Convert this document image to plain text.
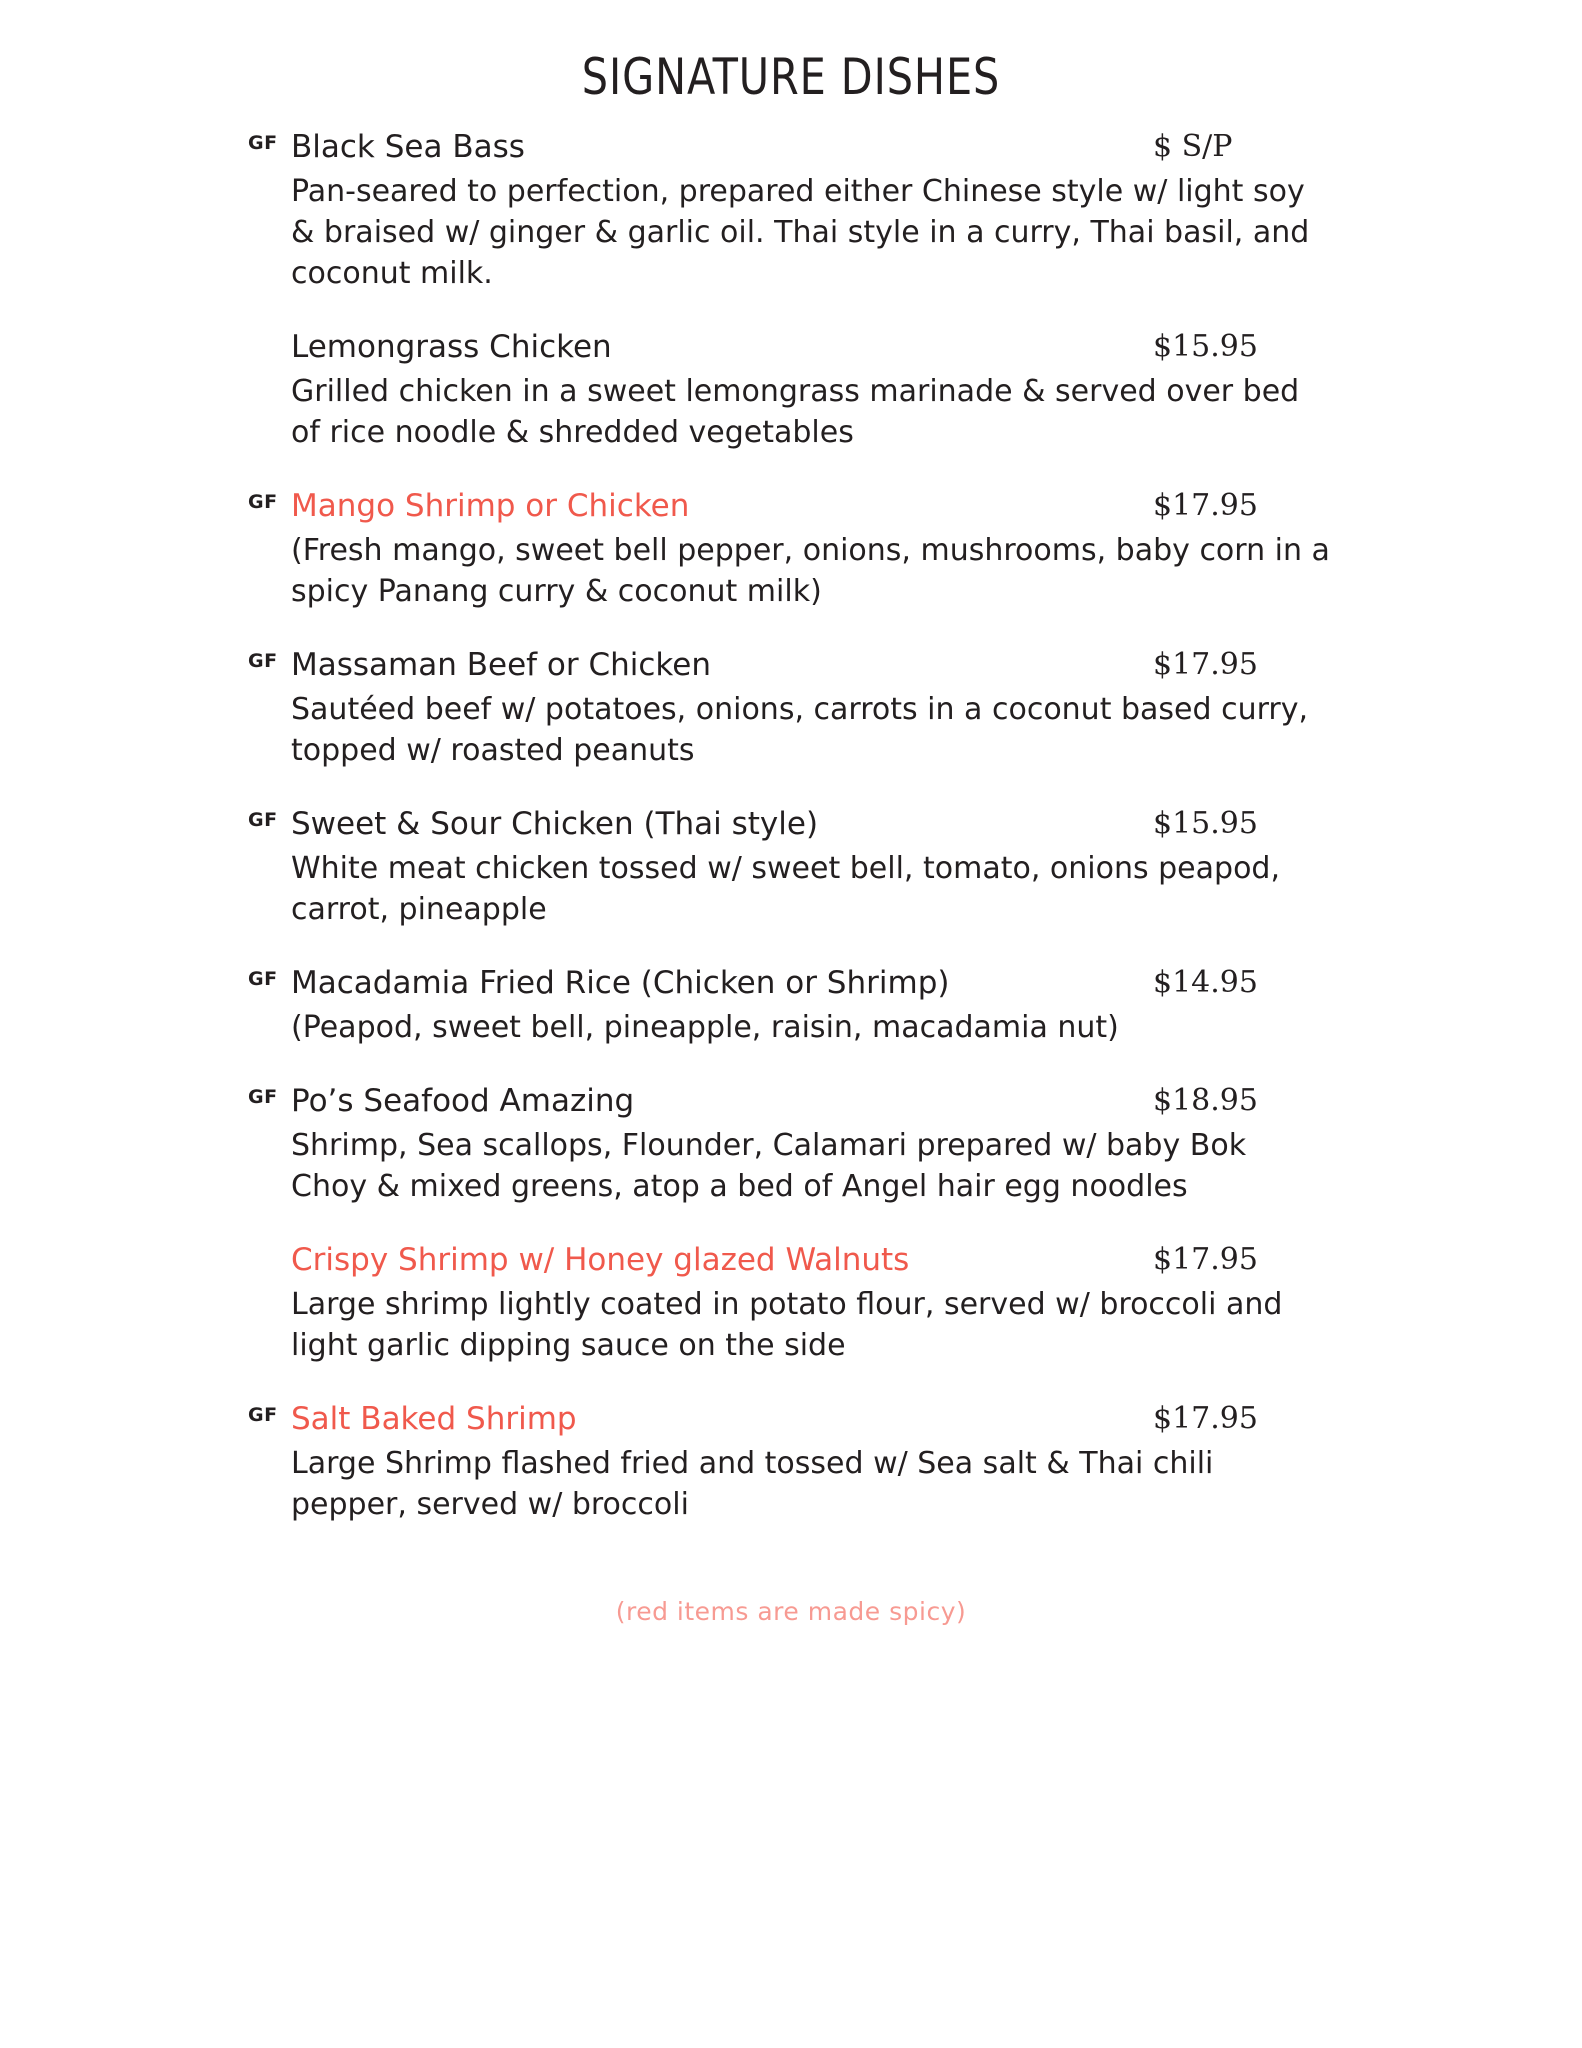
SIGNATURE DISHES
GF Black Sea Bass	$ S/P
Pan-seared to perfection, prepared either Chinese style w/ light soy & braised w/ ginger & garlic oil. Thai style in a curry, Thai basil, and coconut milk.
Lemongrass Chicken	$15.95
Grilled chicken in a sweet lemongrass marinade & served over bed of rice noodle & shredded vegetables
GF Mango Shrimp or Chicken	$17.95
(Fresh mango, sweet bell pepper, onions, mushrooms, baby corn in a spicy Panang curry & coconut milk)
GF Massaman Beef or Chicken	$17.95
Sautéed beef w/ potatoes, onions, carrots in a coconut based curry, topped w/ roasted peanuts
GF Sweet & Sour Chicken (Thai style)	$15.95
White meat chicken tossed w/ sweet bell, tomato, onions peapod, carrot, pineapple
GF Macadamia Fried Rice (Chicken or Shrimp)	$14.95
(Peapod, sweet bell, pineapple, raisin, macadamia nut)
GF Po’s Seafood Amazing	$18.95
Shrimp, Sea scallops, Flounder, Calamari prepared w/ baby Bok Choy & mixed greens, atop a bed of Angel hair egg noodles
Crispy Shrimp w/ Honey glazed Walnuts	$17.95
Large shrimp lightly coated in potato flour, served w/ broccoli and light garlic dipping sauce on the side
GF Salt Baked Shrimp	$17.95
Large Shrimp flashed fried and tossed w/ Sea salt & Thai chili pepper, served w/ broccoli
(red items are made spicy)
